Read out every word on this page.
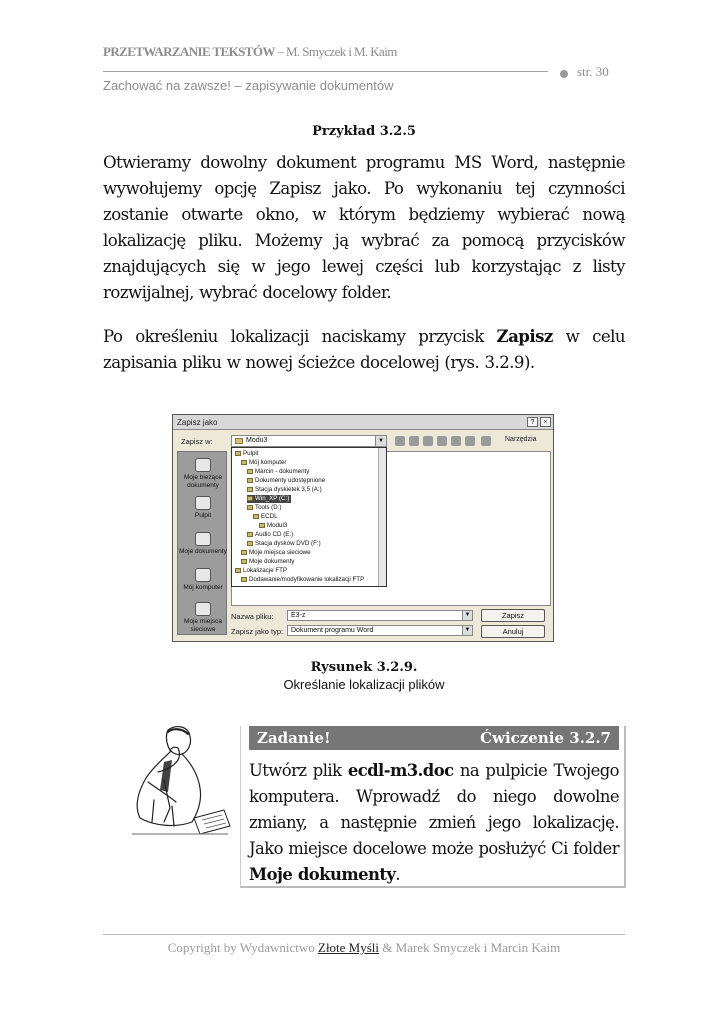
PRZETWARZANIE TEKSTÓW – M. Smyczek i M. Kaim
str. 30
Zachować na zawsze! – zapisywanie dokumentów
Przykład 3.2.5

Otwieramy dowolny dokument programu MS Word, następnie wywołujemy opcję Zapisz jako. Po wykonaniu tej czynności zostanie otwarte okno, w którym będziemy wybierać nową lokalizację pliku. Możemy ją wybrać za pomocą przycisków znajdujących się w jego lewej części lub korzystając z listy rozwijalnej, wybrać docelowy folder.

Po określeniu lokalizacji naciskamy przycisk Zapisz w celu zapisania pliku w nowej ścieżce docelowej (rys. 3.2.9).

Zapisz jako	?	×
Zapisz w:	Modu3	▼	Narzędzia
Moje bieżące dokumenty
Pulpit
Moje dokumenty
Mój komputer
Moje miejsca sieciowe
Pulpit
Mój komputer
Marcin - dokumenty
Dokumenty udostępnione
Stacja dyskietek 3,5 (A:)
Win_XP (C:)
Tools (D:)
ECDL
Modul3
Audio CD (E:)
Stacja dysków DVD (F:)
Moje miejsca sieciowe
Moje dokumenty
Lokalizacje FTP
Dodawanie/modyfikowanie lokalizacji FTP
Nazwa pliku:	E3-z	▼
Zapisz jako typ:	Dokument programu Word	▼
Zapisz
Anuluj
Rysunek 3.2.9.
Określanie lokalizacji plików
Zadanie!	Ćwiczenie 3.2.7

Utwórz plik ecdl-m3.doc na pulpicie Twojego komputera. Wprowadź do niego dowolne zmiany, a następnie zmień jego lokalizację. Jako miejsce docelowe może posłużyć Ci folder Moje dokumenty.

Copyright by Wydawnictwo Złote Myśli & Marek Smyczek i Marcin Kaim
